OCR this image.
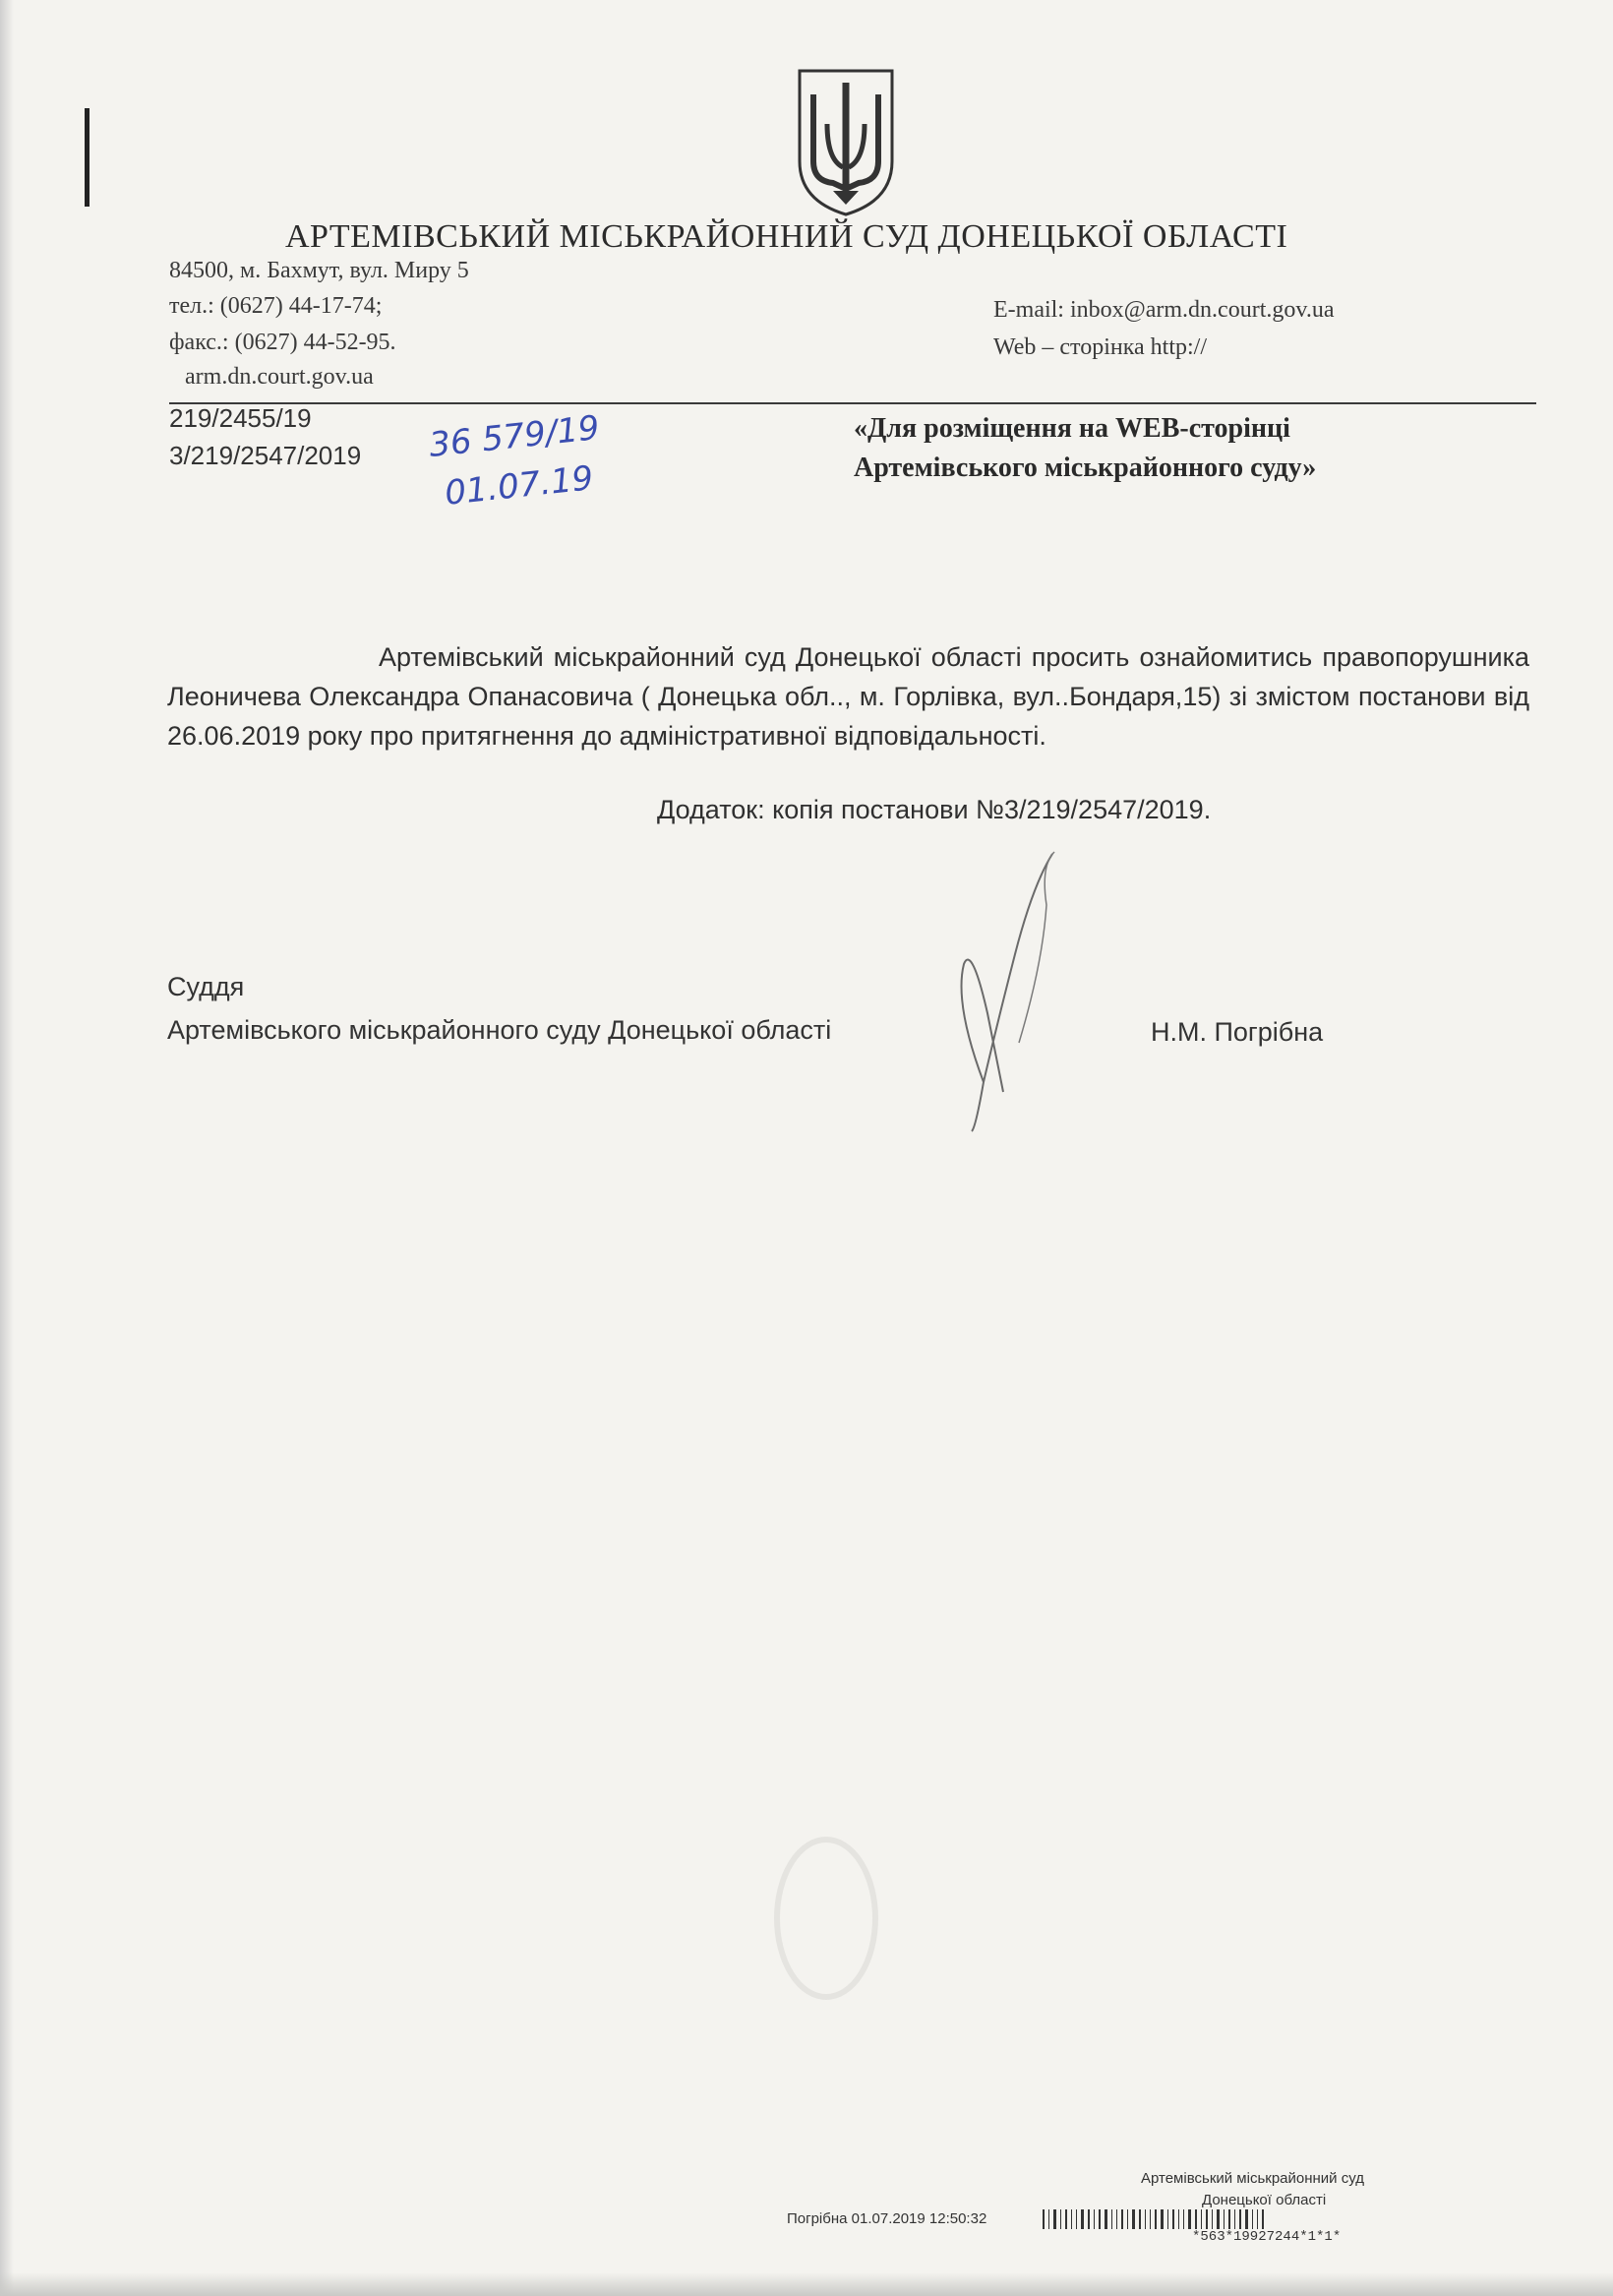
АРТЕМІВСЬКИЙ МІСЬКРАЙОННИЙ СУД ДОНЕЦЬКОЇ ОБЛАСТІ
84500, м. Бахмут, вул. Миру 5
тел.: (0627) 44-17-74;
факс.: (0627) 44-52-95.
arm.dn.court.gov.ua
E-mail: inbox@arm.dn.court.gov.ua
Web – сторінка http://
219/2455/19
3/219/2547/2019 36 579/19
01.07.19
«Для розміщення на WEB-сторінці
Артемівського міськрайонного суду»
Артемівський міськрайонний суд Донецької області просить ознайомитись правопорушника Леоничева Олександра Опанасовича ( Донецька обл.., м. Горлівка, вул..Бондаря,15) зі змістом постанови від 26.06.2019 року про притягнення до адміністративної відповідальності.
Додаток: копія постанови №3/219/2547/2019.
Суддя
Артемівського міськрайонного суду Донецької області	Н.М. Погрібна
Артемівський міськрайонний суд
Донецької області
Погрібна 01.07.2019 12:50:32
*563*19927244*1*1*
